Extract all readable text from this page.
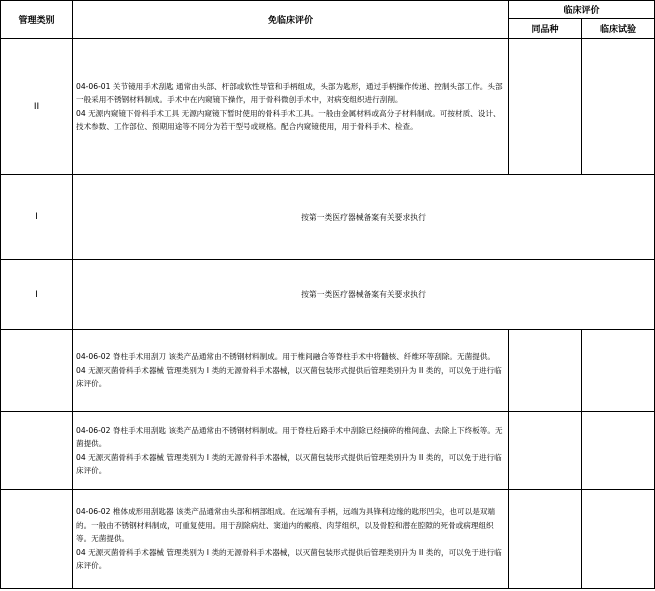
管理类别	免临床评价	临床评价	
		同品种	临床试验
II	04-06-01 关节镜用手术刮匙 通常由头部、杆部或软性导管和手柄组成，头部为匙形，通过手柄操作传递、控制头部工作。头部一般采用不锈钢材料制成。手术中在内窥镜下操作，用于骨科微创手术中，对病变组织进行刮削。

04 无源内窥镜下骨科手术工具 无源内窥镜下暂时使用的骨科手术工具。一般由金属材料或高分子材料制成。可按材质、设计、技术参数、工作部位、预期用途等不同分为若干型号或规格。配合内窥镜使用，用于骨科手术、检查。		

I	按第一类医疗器械备案有关要求执行		
I	按第一类医疗器械备案有关要求执行		

	04-06-02 脊柱手术用刮刀 该类产品通常由不锈钢材料制成。用于椎间融合等脊柱手术中将髓核、纤维环等刮除。无菌提供。

04 无源灭菌骨科手术器械 管理类别为 I 类的无源骨科手术器械，以灭菌包装形式提供后管理类别升为 II 类的，可以免于进行临床评价。		

	04-06-02 脊柱手术用刮匙 该类产品通常由不锈钢材料制成。用于脊柱后路手术中刮除已经摘碎的椎间盘、去除上下终板等。无菌提供。

04 无源灭菌骨科手术器械 管理类别为 I 类的无源骨科手术器械，以灭菌包装形式提供后管理类别升为 II 类的，可以免于进行临床评价。		

	04-06-02 椎体成形用刮匙器 该类产品通常由头部和柄部组成。在远端有手柄，远端为具锋利边缘的匙形凹尖，也可以是双端的。一般由不锈钢材料制成，可重复使用。用于刮除病灶、窦道内的瘢痕、肉芽组织，以及骨腔和潜在腔隙的死骨或病理组织等。无菌提供。

04 无源灭菌骨科手术器械 管理类别为 I 类的无源骨科手术器械，以灭菌包装形式提供后管理类别升为 II 类的，可以免于进行临床评价。		
